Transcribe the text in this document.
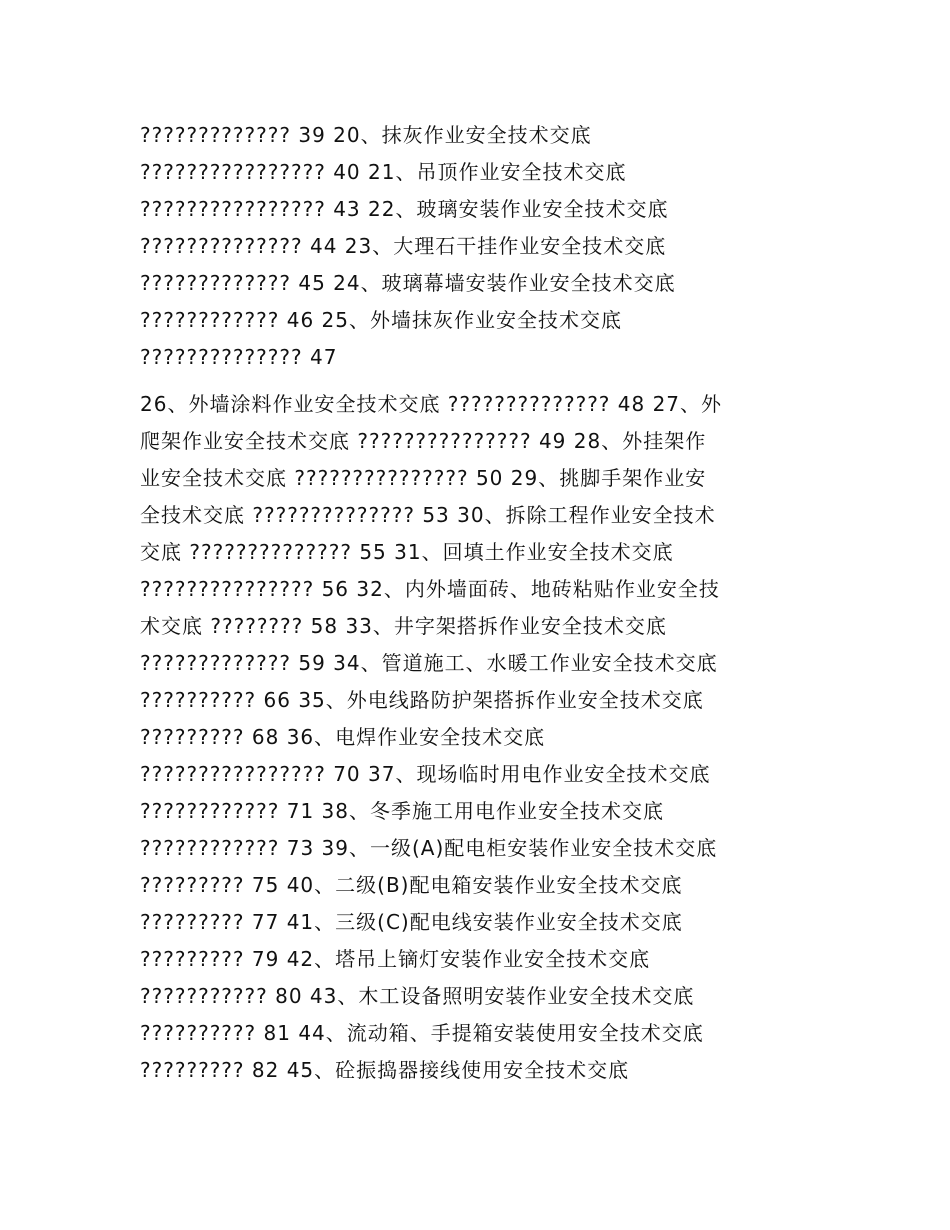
????????????? 39 20、抹灰作业安全技术交底
???????????????? 40 21、吊顶作业安全技术交底
???????????????? 43 22、玻璃安装作业安全技术交底
?????????????? 44 23、大理石干挂作业安全技术交底
????????????? 45 24、玻璃幕墙安装作业安全技术交底
???????????? 46 25、外墙抹灰作业安全技术交底
?????????????? 47
26、外墙涂料作业安全技术交底 ?????????????? 48 27、外
爬架作业安全技术交底 ??????????????? 49 28、外挂架作
业安全技术交底 ??????????????? 50 29、挑脚手架作业安
全技术交底 ?????????????? 53 30、拆除工程作业安全技术
交底 ?????????????? 55 31、回填土作业安全技术交底
??????????????? 56 32、内外墙面砖、地砖粘贴作业安全技
术交底 ???????? 58 33、井字架搭拆作业安全技术交底
????????????? 59 34、管道施工、水暖工作业安全技术交底
?????????? 66 35、外电线路防护架搭拆作业安全技术交底
????????? 68 36、电焊作业安全技术交底
???????????????? 70 37、现场临时用电作业安全技术交底
???????????? 71 38、冬季施工用电作业安全技术交底
???????????? 73 39、一级(A)配电柜安装作业安全技术交底
????????? 75 40、二级(B)配电箱安装作业安全技术交底
????????? 77 41、三级(C)配电线安装作业安全技术交底
????????? 79 42、塔吊上镝灯安装作业安全技术交底
??????????? 80 43、木工设备照明安装作业安全技术交底
?????????? 81 44、流动箱、手提箱安装使用安全技术交底
????????? 82 45、砼振捣器接线使用安全技术交底
